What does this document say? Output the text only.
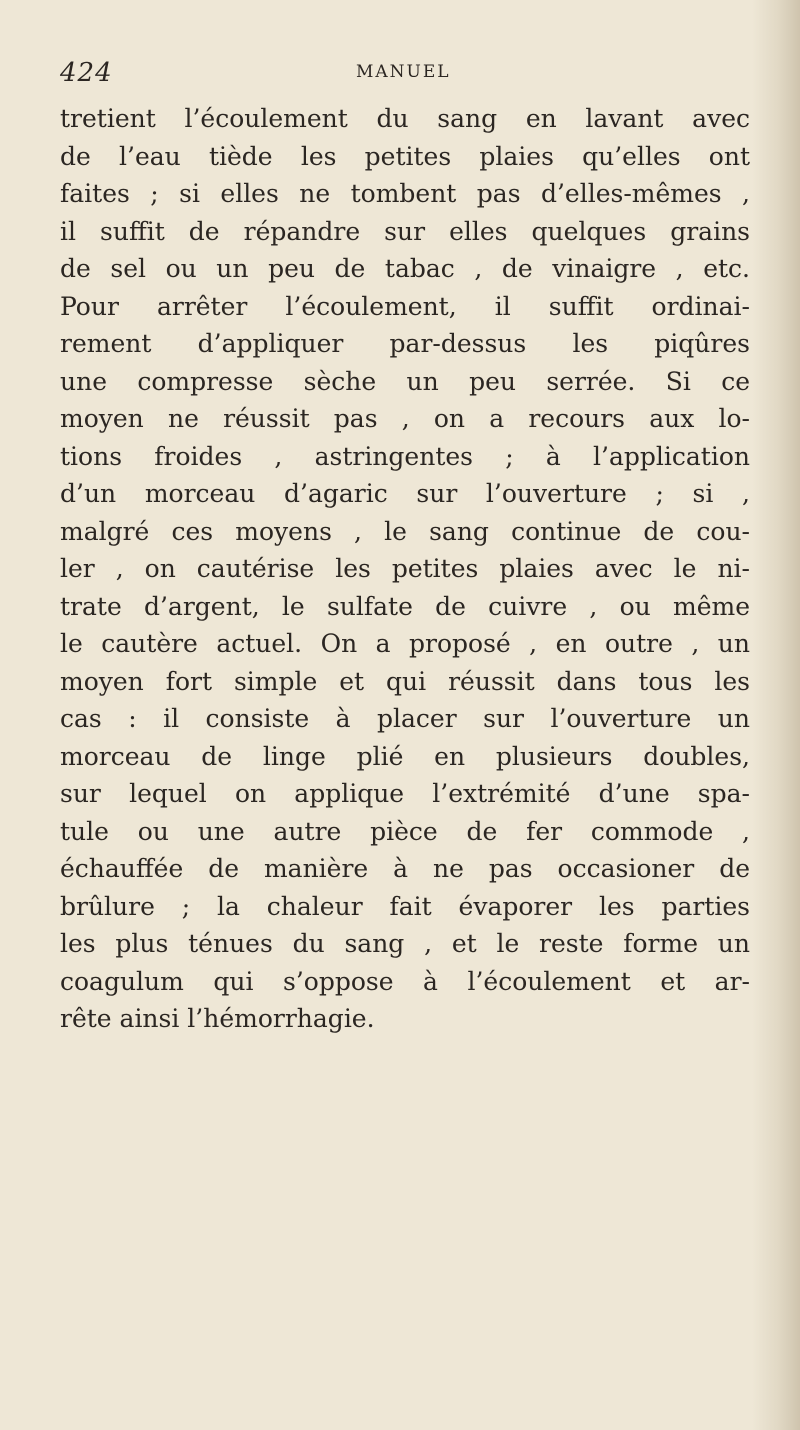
424	MANUEL
tretient l’écoulement du sang en lavant avec
de l’eau tiède les petites plaies qu’elles ont
faites ; si elles ne tombent pas d’elles-mêmes ,
il suffit de répandre sur elles quelques grains
de sel ou un peu de tabac , de vinaigre , etc.
Pour arrêter l’écoulement, il suffit ordinai-
rement d’appliquer par-dessus les piqûres
une compresse sèche un peu serrée. Si ce
moyen ne réussit pas , on a recours aux lo-
tions froides , astringentes ; à l’application
d’un morceau d’agaric sur l’ouverture ; si ,
malgré ces moyens , le sang continue de cou-
ler , on cautérise les petites plaies avec le ni-
trate d’argent, le sulfate de cuivre , ou même
le cautère actuel. On a proposé , en outre , un
moyen fort simple et qui réussit dans tous les
cas : il consiste à placer sur l’ouverture un
morceau de linge plié en plusieurs doubles,
sur lequel on applique l’extrémité d’une spa-
tule ou une autre pièce de fer commode ,
échauffée de manière à ne pas occasioner de
brûlure ; la chaleur fait évaporer les parties
les plus ténues du sang , et le reste forme un
coagulum qui s’oppose à l’écoulement et ar-
rête ainsi l’hémorrhagie.
